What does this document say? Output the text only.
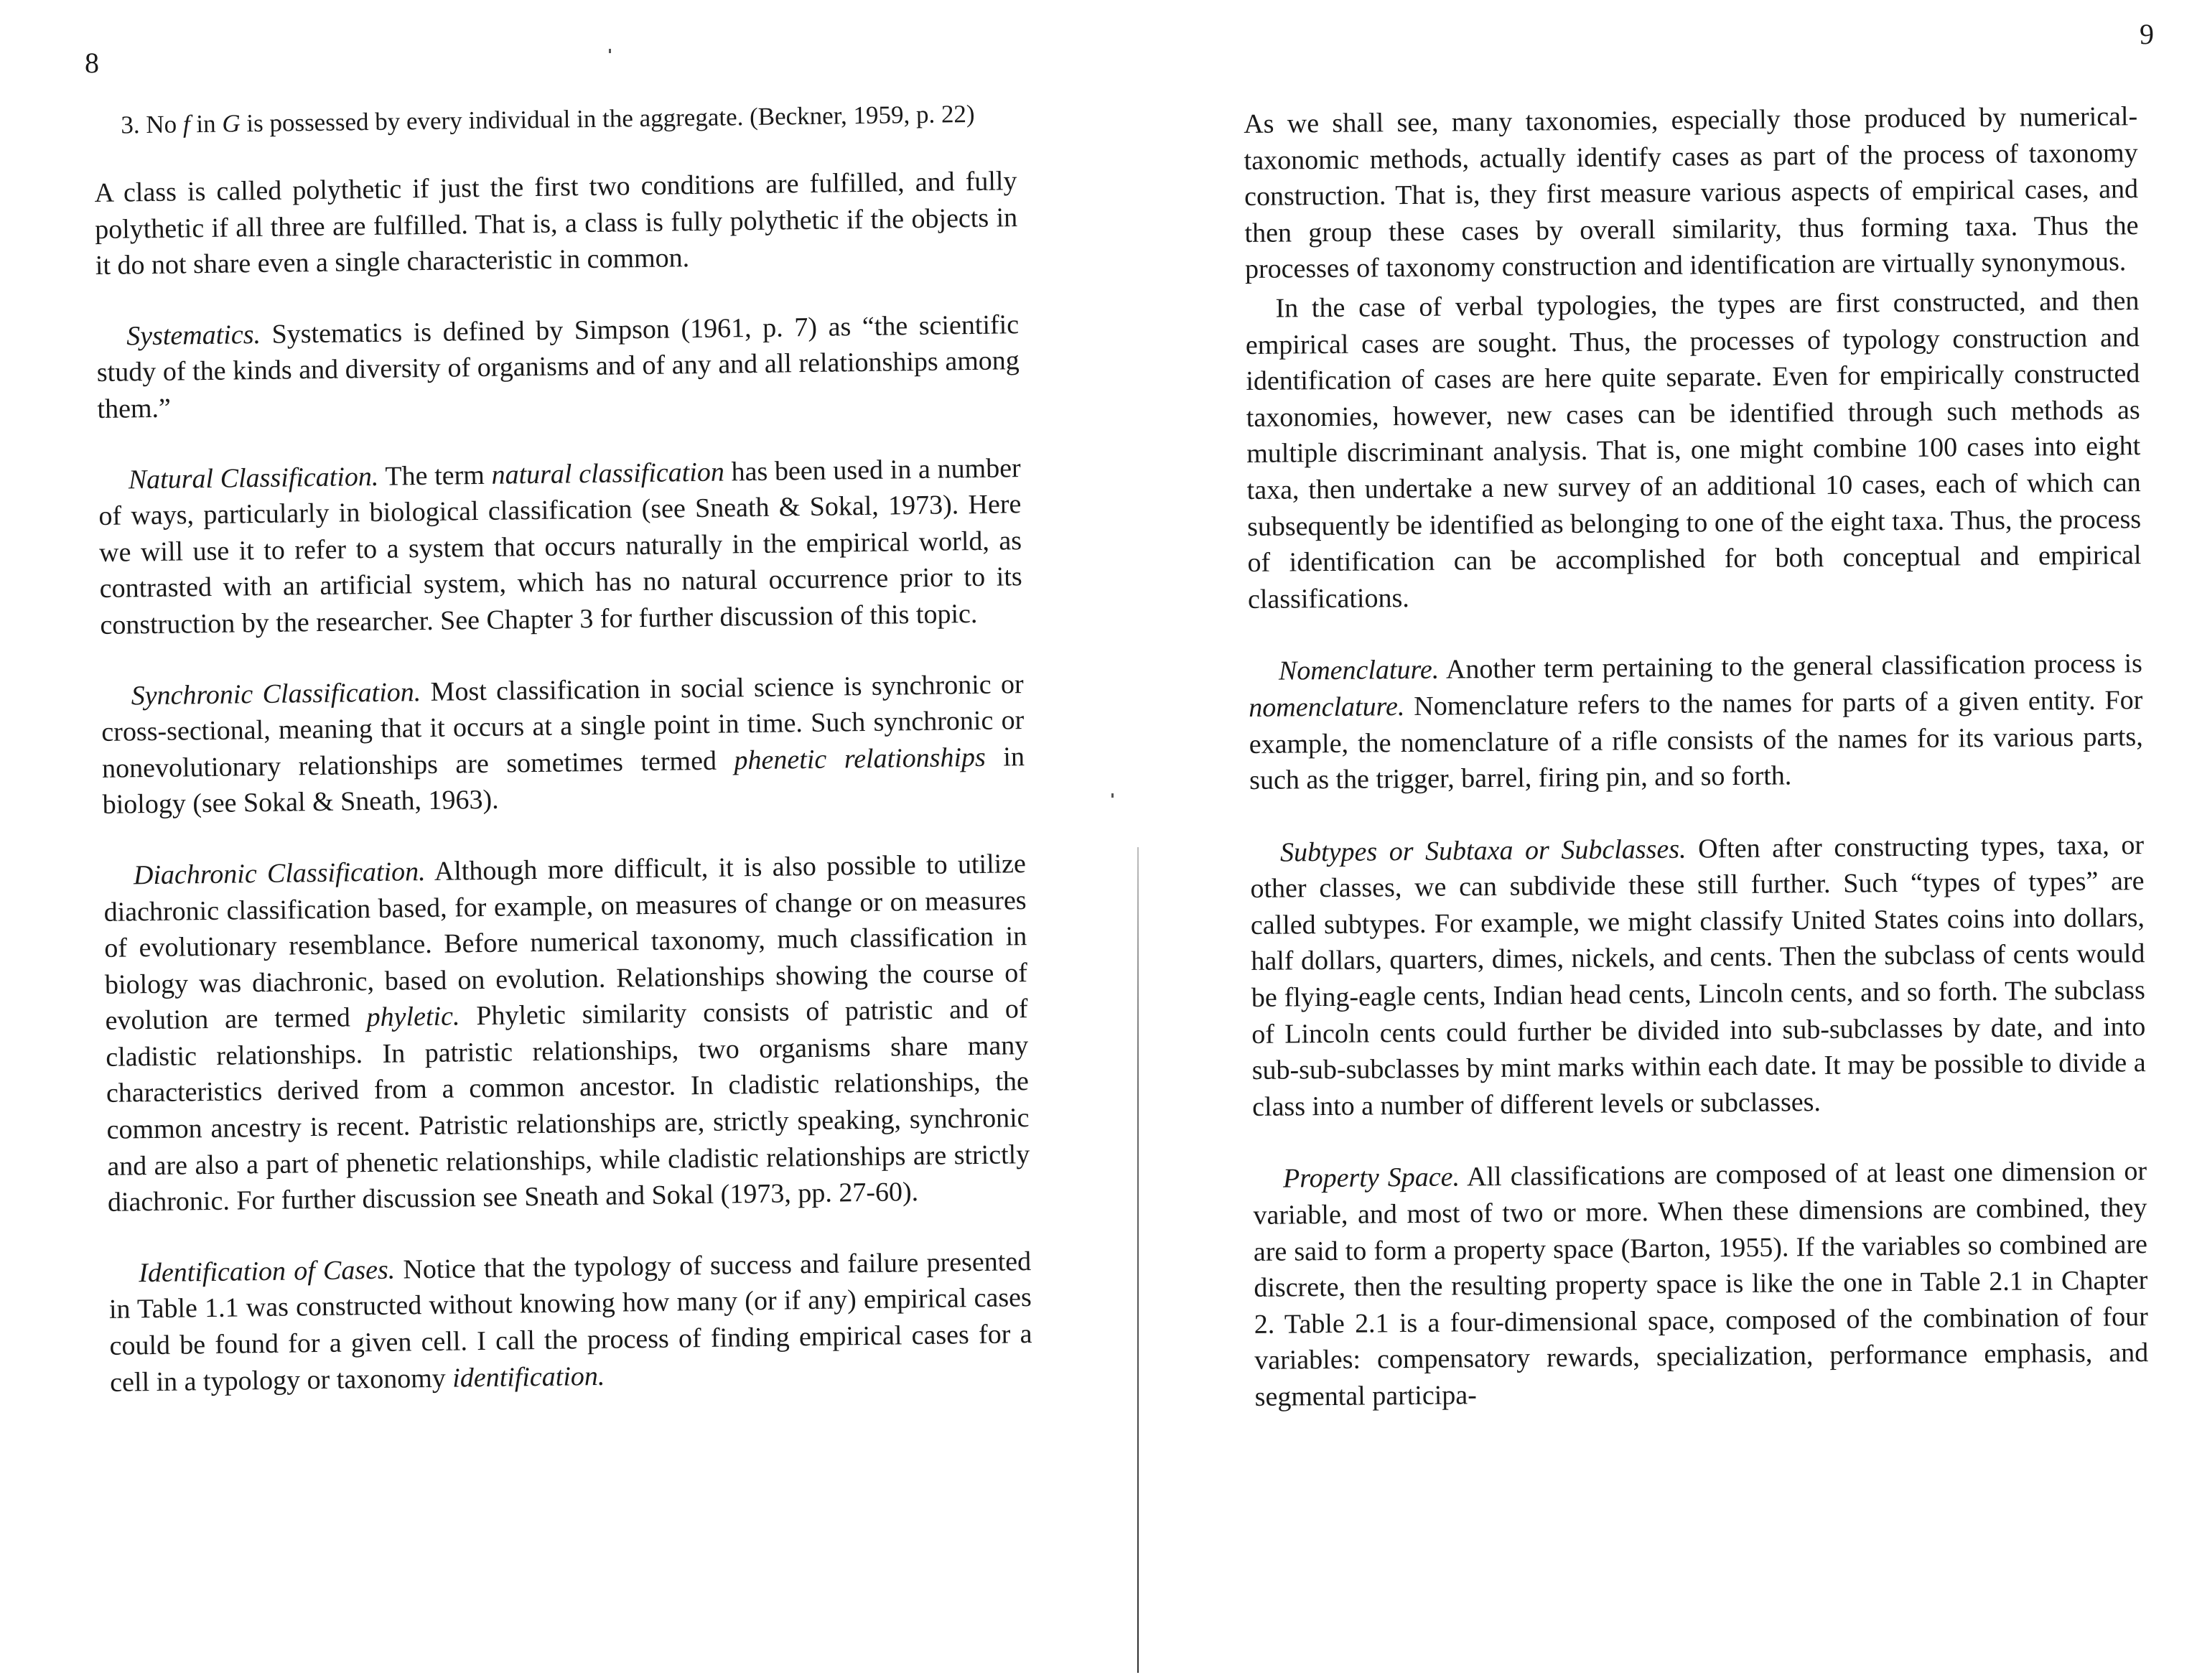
8

3. No f in G is possessed by every individual in the aggregate. (Beckner, 1959, p. 22)

A class is called polythetic if just the first two conditions are fulfilled, and fully polythetic if all three are fulfilled. That is, a class is fully polythetic if the objects in it do not share even a single characteristic in common.

Systematics. Systematics is defined by Simpson (1961, p. 7) as “the scientific study of the kinds and diversity of organisms and of any and all relationships among them.”

Natural Classification. The term natural classification has been used in a number of ways, particularly in biological classification (see Sneath & Sokal, 1973). Here we will use it to refer to a system that occurs naturally in the empirical world, as contrasted with an artificial system, which has no natural occurrence prior to its construction by the researcher. See Chapter 3 for further discussion of this topic.

Synchronic Classification. Most classification in social science is synchronic or cross-sectional, meaning that it occurs at a single point in time. Such synchronic or nonevolutionary relationships are sometimes termed phenetic relationships in biology (see Sokal & Sneath, 1963).

Diachronic Classification. Although more difficult, it is also possible to utilize diachronic classification based, for example, on measures of change or on measures of evolutionary resemblance. Before numerical taxonomy, much classification in biology was diachronic, based on evolution. Relationships showing the course of evolution are termed phyletic. Phyletic similarity consists of patristic and of cladistic relationships. In patristic relationships, two organisms share many characteristics derived from a common ancestor. In cladistic relationships, the common ancestry is recent. Patristic relationships are, strictly speaking, synchronic and are also a part of phenetic relationships, while cladistic relationships are strictly diachronic. For further discussion see Sneath and Sokal (1973, pp. 27-60).

Identification of Cases. Notice that the typology of success and failure presented in Table 1.1 was constructed without knowing how many (or if any) empirical cases could be found for a given cell. I call the process of finding empirical cases for a cell in a typology or taxonomy identification.

9

As we shall see, many taxonomies, especially those produced by numerical-taxonomic methods, actually identify cases as part of the process of taxonomy construction. That is, they first measure various aspects of empirical cases, and then group these cases by overall similarity, thus forming taxa. Thus the processes of taxonomy construction and identification are virtually synonymous.

In the case of verbal typologies, the types are first constructed, and then empirical cases are sought. Thus, the processes of typology construction and identification of cases are here quite separate. Even for empirically constructed taxonomies, however, new cases can be identified through such methods as multiple discriminant analysis. That is, one might combine 100 cases into eight taxa, then undertake a new survey of an additional 10 cases, each of which can subsequently be identified as belonging to one of the eight taxa. Thus, the process of identification can be accomplished for both conceptual and empirical classifications.

Nomenclature. Another term pertaining to the general classification process is nomenclature. Nomenclature refers to the names for parts of a given entity. For example, the nomenclature of a rifle consists of the names for its various parts, such as the trigger, barrel, firing pin, and so forth.

Subtypes or Subtaxa or Subclasses. Often after constructing types, taxa, or other classes, we can subdivide these still further. Such “types of types” are called subtypes. For example, we might classify United States coins into dollars, half dollars, quarters, dimes, nickels, and cents. Then the subclass of cents would be flying-eagle cents, Indian head cents, Lincoln cents, and so forth. The subclass of Lincoln cents could further be divided into sub-subclasses by date, and into sub-sub-subclasses by mint marks within each date. It may be possible to divide a class into a number of different levels or subclasses.

Property Space. All classifications are composed of at least one dimension or variable, and most of two or more. When these dimensions are combined, they are said to form a property space (Barton, 1955). If the variables so combined are discrete, then the resulting property space is like the one in Table 2.1 in Chapter 2. Table 2.1 is a four-dimensional space, composed of the combination of four variables: compensatory rewards, specialization, performance emphasis, and segmental participa-
